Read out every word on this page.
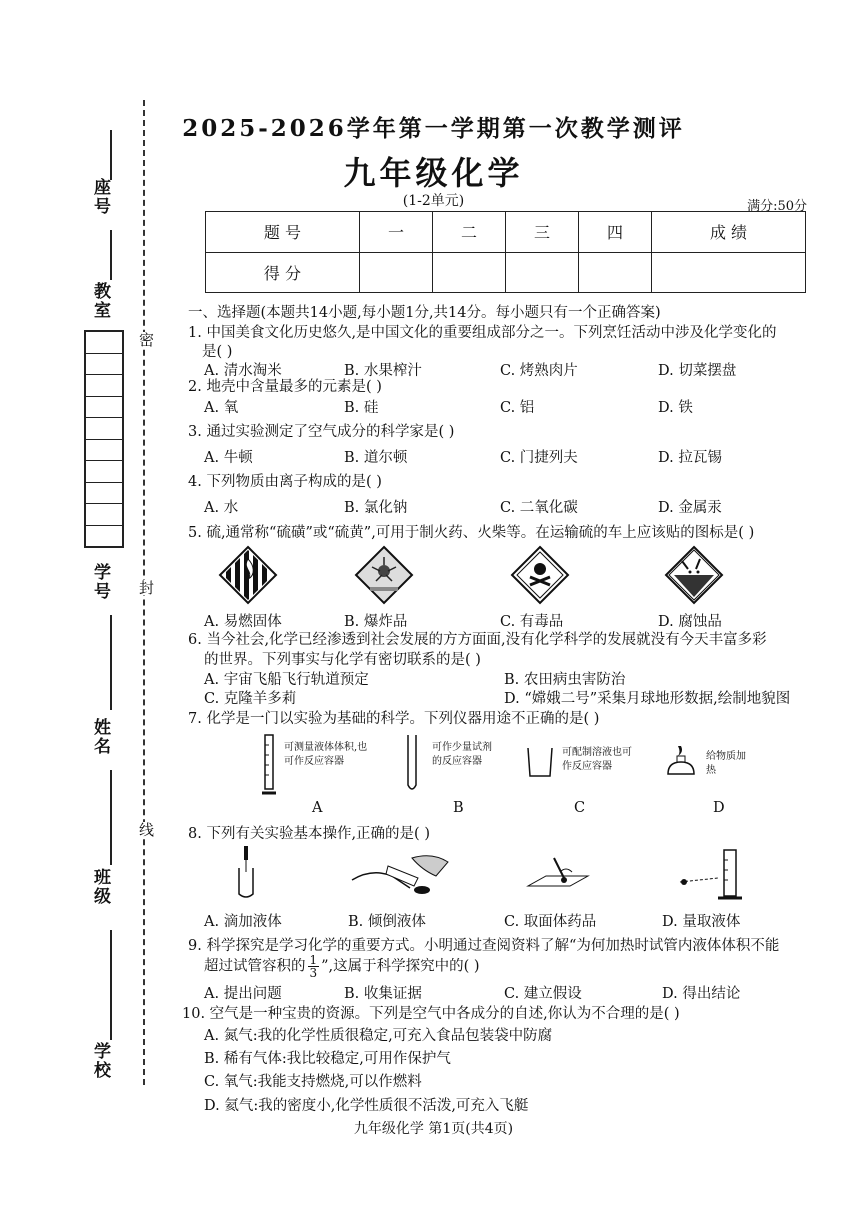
座号
教室
学号
姓名
班级
学校
密
封
线
2025-2026学年第一学期第一次教学测评
九年级化学
(1-2单元)	满分:50分
题 号	一	二	三	四	成 绩
得 分					
一、选择题(本题共14小题,每小题1分,共14分。每小题只有一个正确答案)
1. 中国美食文化历史悠久,是中国文化的重要组成部分之一。下列烹饪活动中涉及化学变化的
是( )
A. 清水淘米	B. 水果榨汁	C. 烤熟肉片	D. 切菜摆盘
2. 地壳中含量最多的元素是( )
A. 氧	B. 硅	C. 铝	D. 铁
3. 通过实验测定了空气成分的科学家是( )
A. 牛顿	B. 道尔顿	C. 门捷列夫	D. 拉瓦锡
4. 下列物质由离子构成的是( )
A. 水	B. 氯化钠	C. 二氧化碳	D. 金属汞
5. 硫,通常称“硫磺”或“硫黄”,可用于制火药、火柴等。在运输硫的车上应该贴的图标是( )
A. 易燃固体	B. 爆炸品	C. 有毒品	D. 腐蚀品
6. 当今社会,化学已经渗透到社会发展的方方面面,没有化学科学的发展就没有今天丰富多彩
的世界。下列事实与化学有密切联系的是( )
A. 宇宙飞船飞行轨道预定	B. 农田病虫害防治
C. 克隆羊多莉	D. “嫦娥二号”采集月球地形数据,绘制地貌图
7. 化学是一门以实验为基础的科学。下列仪器用途不正确的是( )
可测量液体体积,也可作反应容器
可作少量试剂的反应容器
可配制溶液也可作反应容器
给物质加热
A	B	C	D
8. 下列有关实验基本操作,正确的是( )
A. 滴加液体	B. 倾倒液体	C. 取面体药品	D. 量取液体
9. 科学探究是学习化学的重要方式。小明通过查阅资料了解“为何加热时试管内液体体积不能
超过试管容积的 $\frac{1}{3}$ ”,这属于科学探究中的( )
A. 提出问题	B. 收集证据	C. 建立假设	D. 得出结论
10. 空气是一种宝贵的资源。下列是空气中各成分的自述,你认为不合理的是( )
A. 氮气:我的化学性质很稳定,可充入食品包装袋中防腐
B. 稀有气体:我比较稳定,可用作保护气
C. 氧气:我能支持燃烧,可以作燃料
D. 氦气:我的密度小,化学性质很不活泼,可充入飞艇
九年级化学 第1页(共4页)
